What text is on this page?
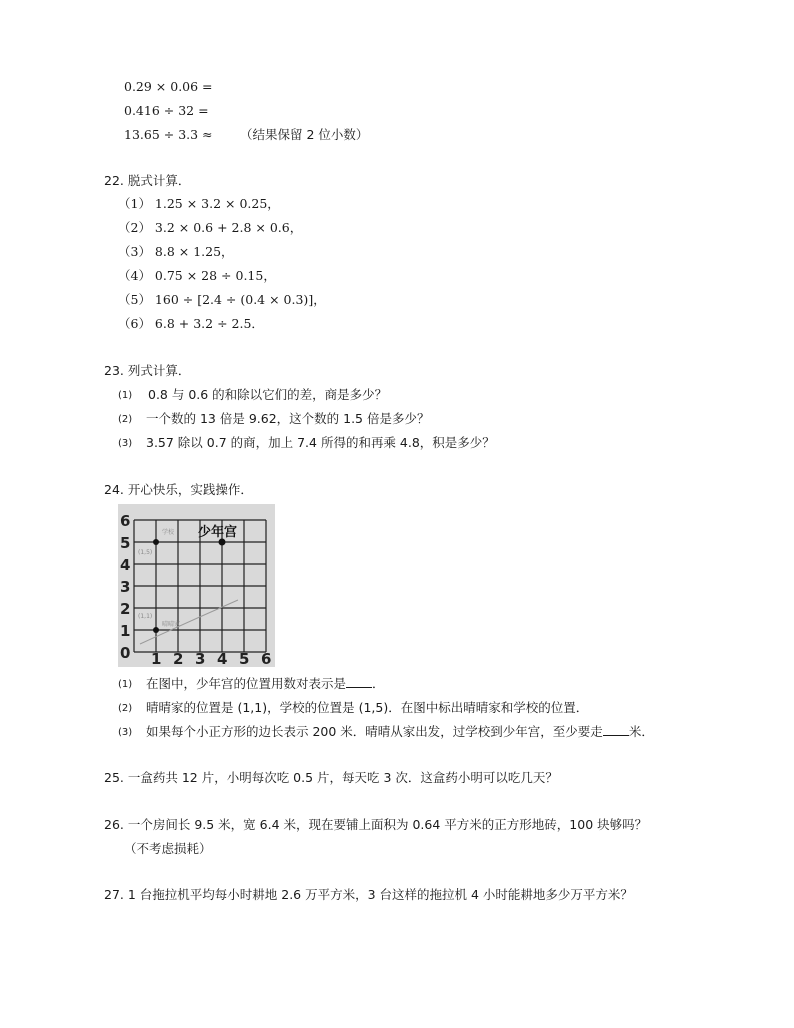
0.29 × 0.06 =
0.416 ÷ 32 =
13.65 ÷ 3.3 ≈ （结果保留 2 位小数）
22. 脱式计算．
（1） 1.25 × 3.2 × 0.25，
（2） 3.2 × 0.6 + 2.8 × 0.6，
（3） 8.8 × 1.25，
（4） 0.75 × 28 ÷ 0.15，
（5） 160 ÷ [2.4 ÷ (0.4 × 0.3)]，
（6） 6.8 + 3.2 ÷ 2.5．
23. 列式计算．
(1) 0.8 与 0.6 的和除以它们的差，商是多少？
(2) 一个数的 13 倍是 9.62，这个数的 1.5 倍是多少？
(3) 3.57 除以 0.7 的商，加上 7.4 所得的和再乘 4.8，积是多少？
24. 开心快乐，实践操作．
6
5
4
3
2
1
0 1 2 3 4 5 6
少年宫
学校
(1,5)
(1,1)
晴晴家
(1) 在图中，少年宫的位置用数对表示是 ．
(2) 晴晴家的位置是 (1,1)，学校的位置是 (1,5)．在图中标出晴晴家和学校的位置．
(3) 如果每个小正方形的边长表示 200 米．晴晴从家出发，过学校到少年宫，至少要走 米．
25. 一盒药共 12 片，小明每次吃 0.5 片，每天吃 3 次．这盒药小明可以吃几天？
26. 一个房间长 9.5 米，宽 6.4 米，现在要铺上面积为 0.64 平方米的正方形地砖，100 块够吗？
（不考虑损耗）
27. 1 台拖拉机平均每小时耕地 2.6 万平方米，3 台这样的拖拉机 4 小时能耕地多少万平方米？
